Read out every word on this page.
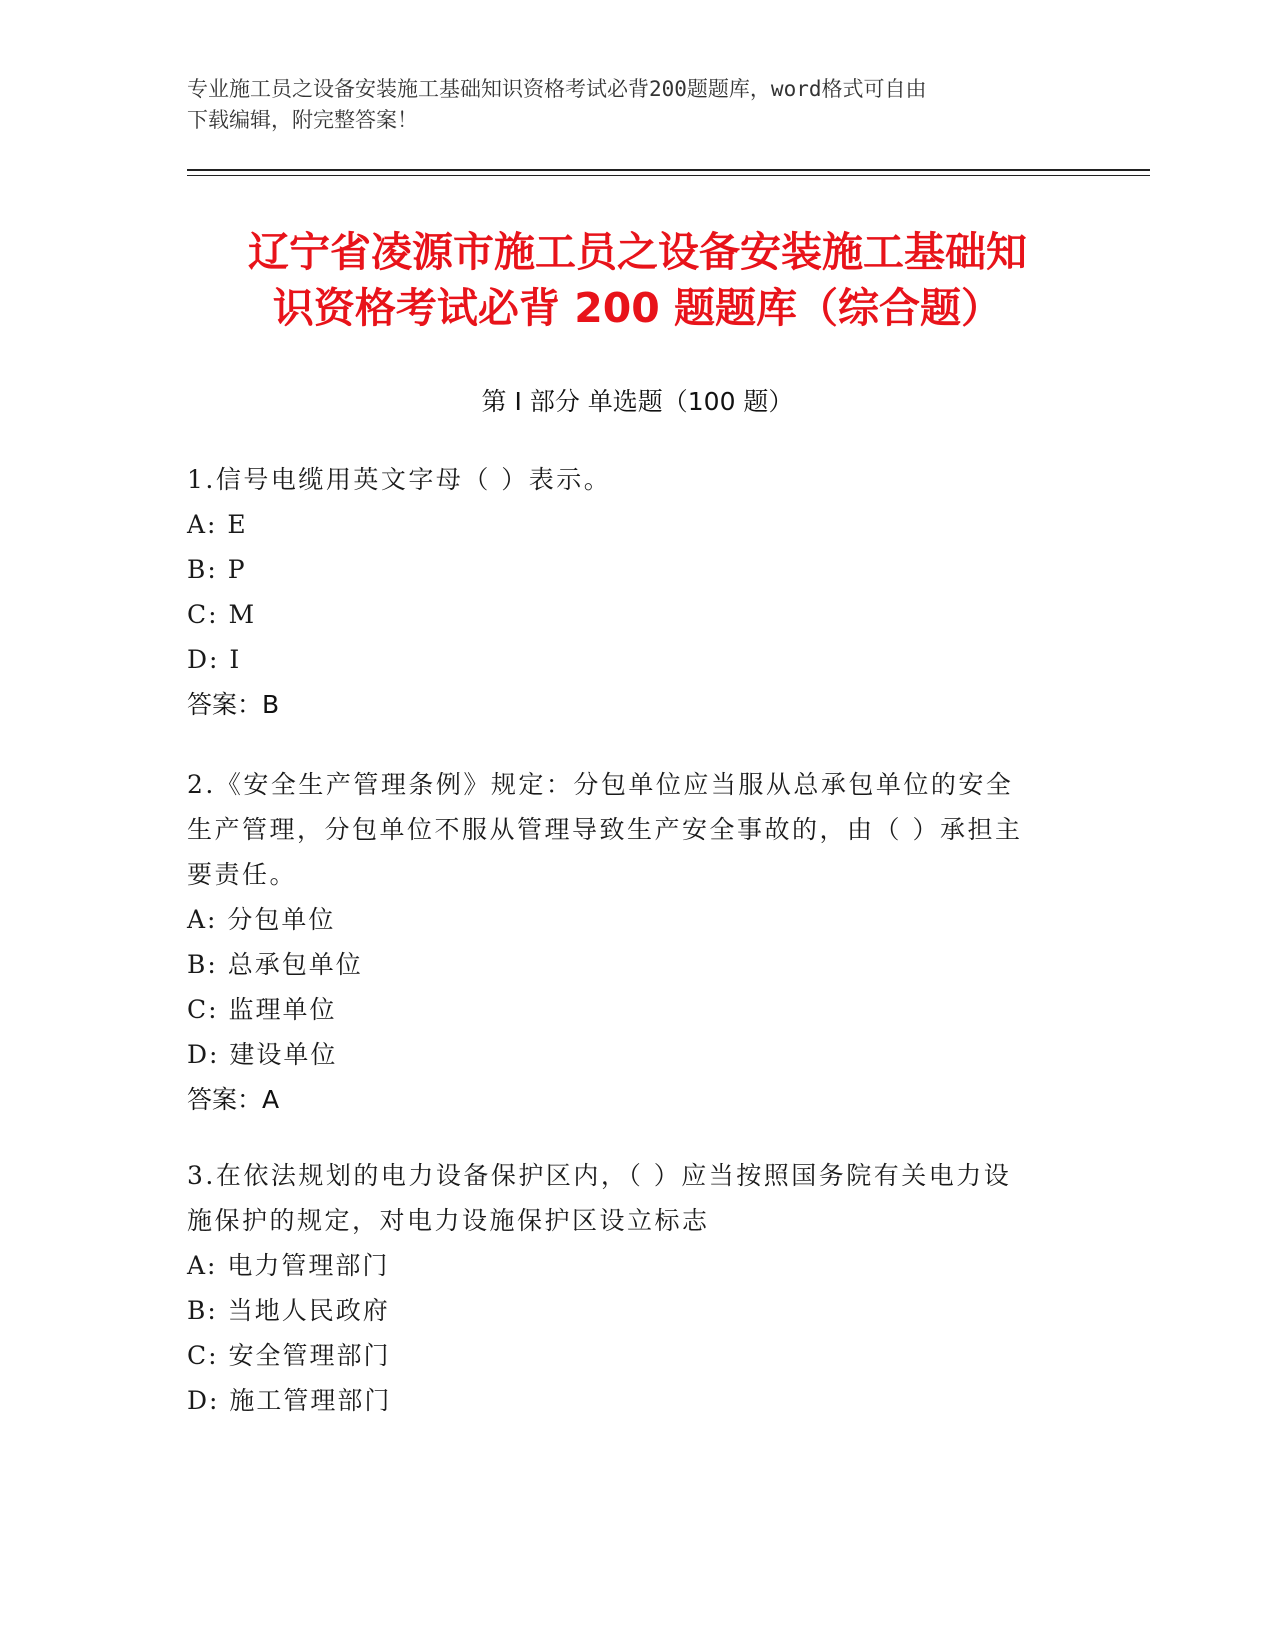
专业施工员之设备安装施工基础知识资格考试必背200题题库，word格式可自由
下载编辑，附完整答案！
辽宁省凌源市施工员之设备安装施工基础知
识资格考试必背 200 题题库（综合题）
第 I 部分 单选题（100 题）
1.信号电缆用英文字母（ ）表示。
A: E
B: P
C: M
D: I
答案：B
2.《安全生产管理条例》规定：分包单位应当服从总承包单位的安全
生产管理，分包单位不服从管理导致生产安全事故的，由（ ）承担主
要责任。
A: 分包单位
B: 总承包单位
C: 监理单位
D: 建设单位
答案：A
3.在依法规划的电力设备保护区内，（ ）应当按照国务院有关电力设
施保护的规定，对电力设施保护区设立标志
A: 电力管理部门
B: 当地人民政府
C: 安全管理部门
D: 施工管理部门
